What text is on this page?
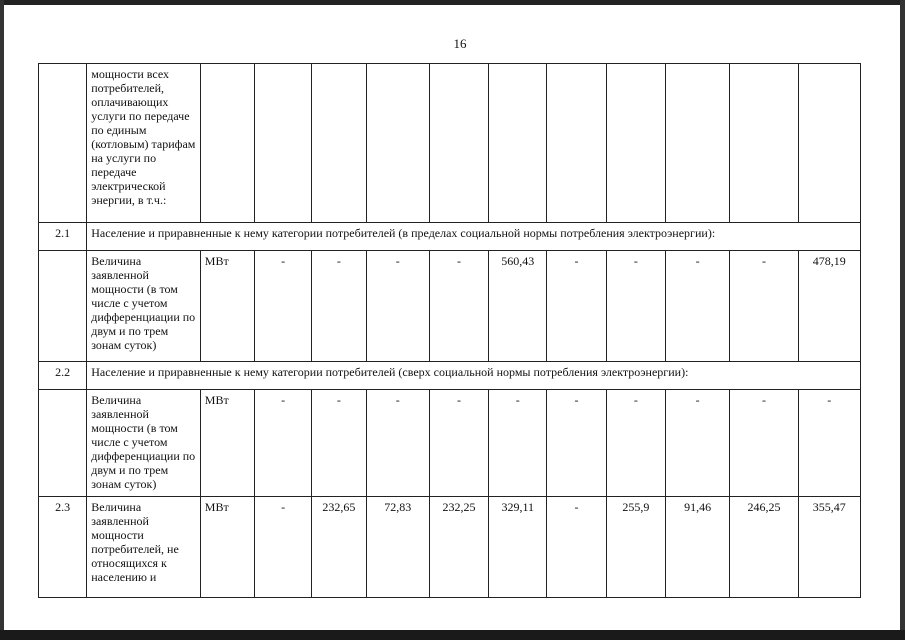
16
	мощности всех потребителей, оплачивающих услуги по передаче по единым (котловым) тарифам на услуги по передаче электрической энергии, в т.ч.:											
2.1	Население и приравненные к нему категории потребителей (в пределах социальной нормы потребления электроэнергии):											
	Величина заявленной мощности (в том числе с учетом дифференциации по двум и по трем зонам суток)	МВт	-	-	-	-	560,43	-	-	-	-	478,19
2.2	Население и приравненные к нему категории потребителей (сверх социальной нормы потребления электроэнергии):											
	Величина заявленной мощности (в том числе с учетом дифференциации по двум и по трем зонам суток)	МВт	-	-	-	-	-	-	-	-	-	-
2.3	Величина заявленной мощности потребителей, не относящихся к населению и	МВт	-	232,65	72,83	232,25	329,11	-	255,9	91,46	246,25	355,47
